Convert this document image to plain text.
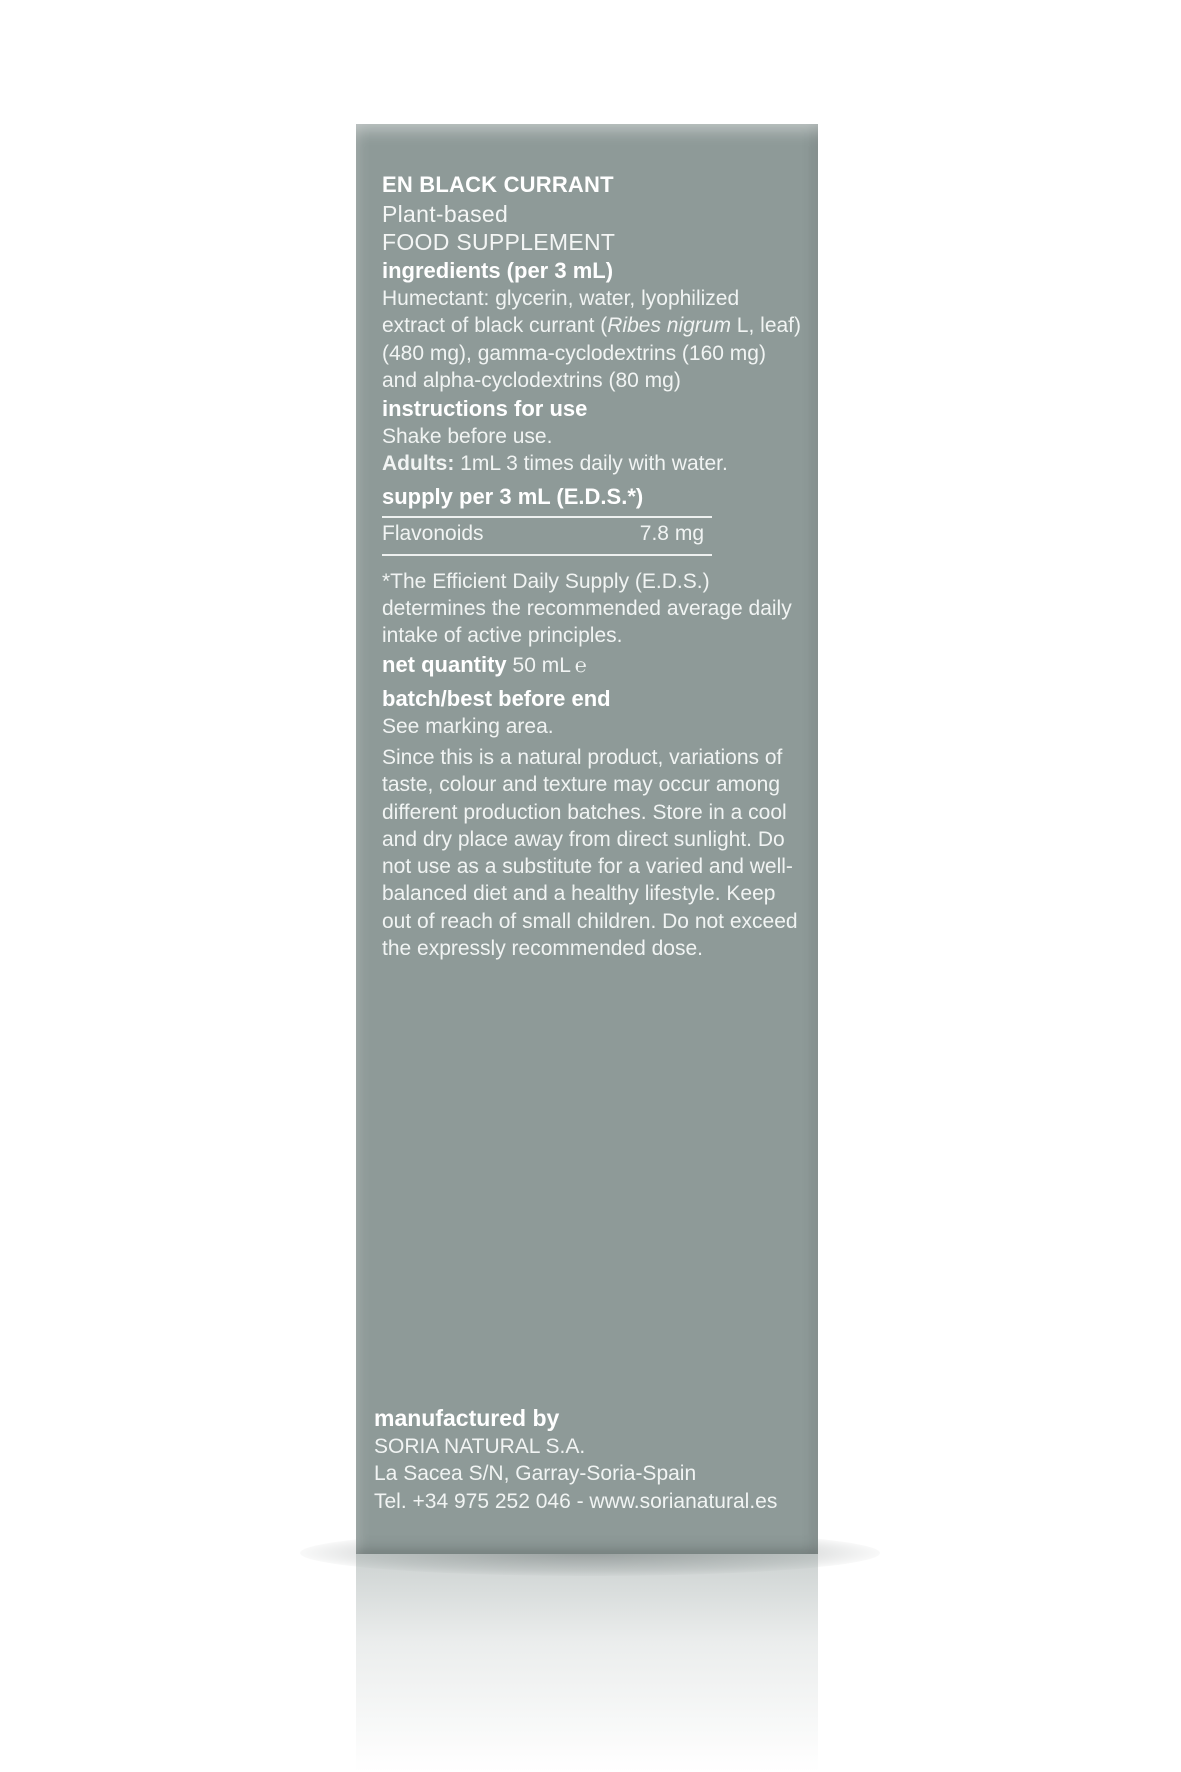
EN BLACK CURRANT
Plant-based
FOOD SUPPLEMENT
ingredients (per 3 mL)

Humectant: glycerin, water, lyophilized extract of black currant (Ribes nigrum L, leaf) (480 mg), gamma-cyclodextrins (160 mg) and alpha-cyclodextrins (80 mg)

instructions for use

Shake before use.

Adults: 1mL 3 times daily with water.

supply per 3 mL (E.D.S.*)
Flavonoids	7.8 mg

*The Efficient Daily Supply (E.D.S.)

determines the recommended average daily intake of active principles.

net quantity 50 mL ℮

batch/best before end

See marking area.

Since this is a natural product, variations of taste, colour and texture may occur among different production batches. Store in a cool and dry place away from direct sunlight. Do not use as a substitute for a varied and well-balanced diet and a healthy lifestyle. Keep out of reach of small children. Do not exceed the expressly recommended dose.

manufactured by
SORIA NATURAL S.A.
La Sacea S/N, Garray-Soria-Spain
Tel. +34 975 252 046 - www.sorianatural.es
